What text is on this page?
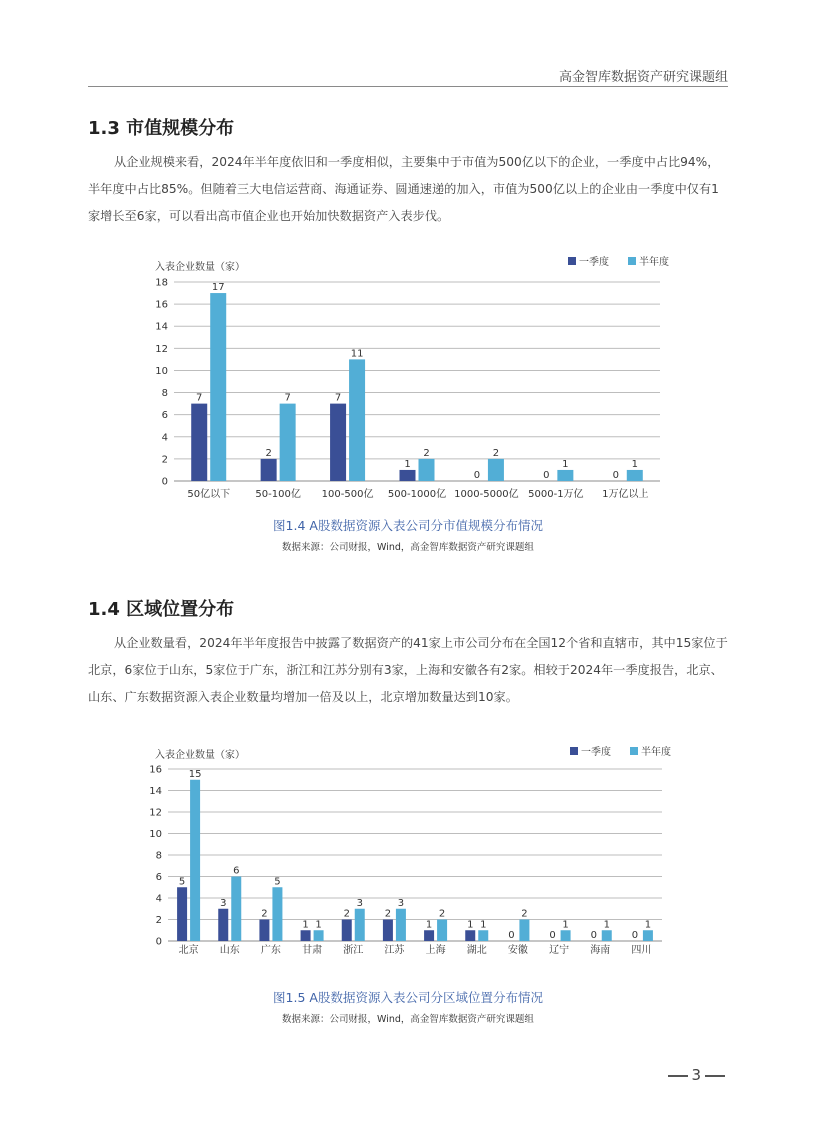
高金智库数据资产研究课题组
1.3 市值规模分布

从企业规模来看，2024年半年度依旧和一季度相似，主要集中于市值为500亿以下的企业，一季度中占比94%，半年度中占比85%。但随着三大电信运营商、海通证券、圆通速递的加入，市值为500亿以上的企业由一季度中仅有1家增长至6家，可以看出高市值企业也开始加快数据资产入表步伐。

入表企业数量（家）
0
2
4
6
8
10
12
14
16
18
7
17
50亿以下
2
7
50-100亿
7
11
100-500亿
1
2
500-1000亿
0
2
1000-5000亿
0
1
5000-1万亿
0
1
1万亿以上
一季度	半年度
图1.4 A股数据资源入表公司分市值规模分布情况
数据来源：公司财报，Wind，高金智库数据资产研究课题组
1.4 区域位置分布

从企业数量看，2024年半年度报告中披露了数据资产的41家上市公司分布在全国12个省和直辖市，其中15家位于北京，6家位于山东，5家位于广东，浙江和江苏分别有3家，上海和安徽各有2家。相较于2024年一季度报告，北京、山东、广东数据资源入表企业数量均增加一倍及以上，北京增加数量达到10家。

入表企业数量（家）
0
2
4
6
8
10
12
14
16
5
15
北京
3
6
山东
2
5
广东
1 1
甘肃
2
3
浙江
2
3
江苏
1
2
上海
1 1
湖北
0
2
安徽
0
1
辽宁
0
1
海南
0
1
四川
一季度	半年度
图1.5 A股数据资源入表公司分区域位置分布情况
数据来源：公司财报，Wind，高金智库数据资产研究课题组
3
